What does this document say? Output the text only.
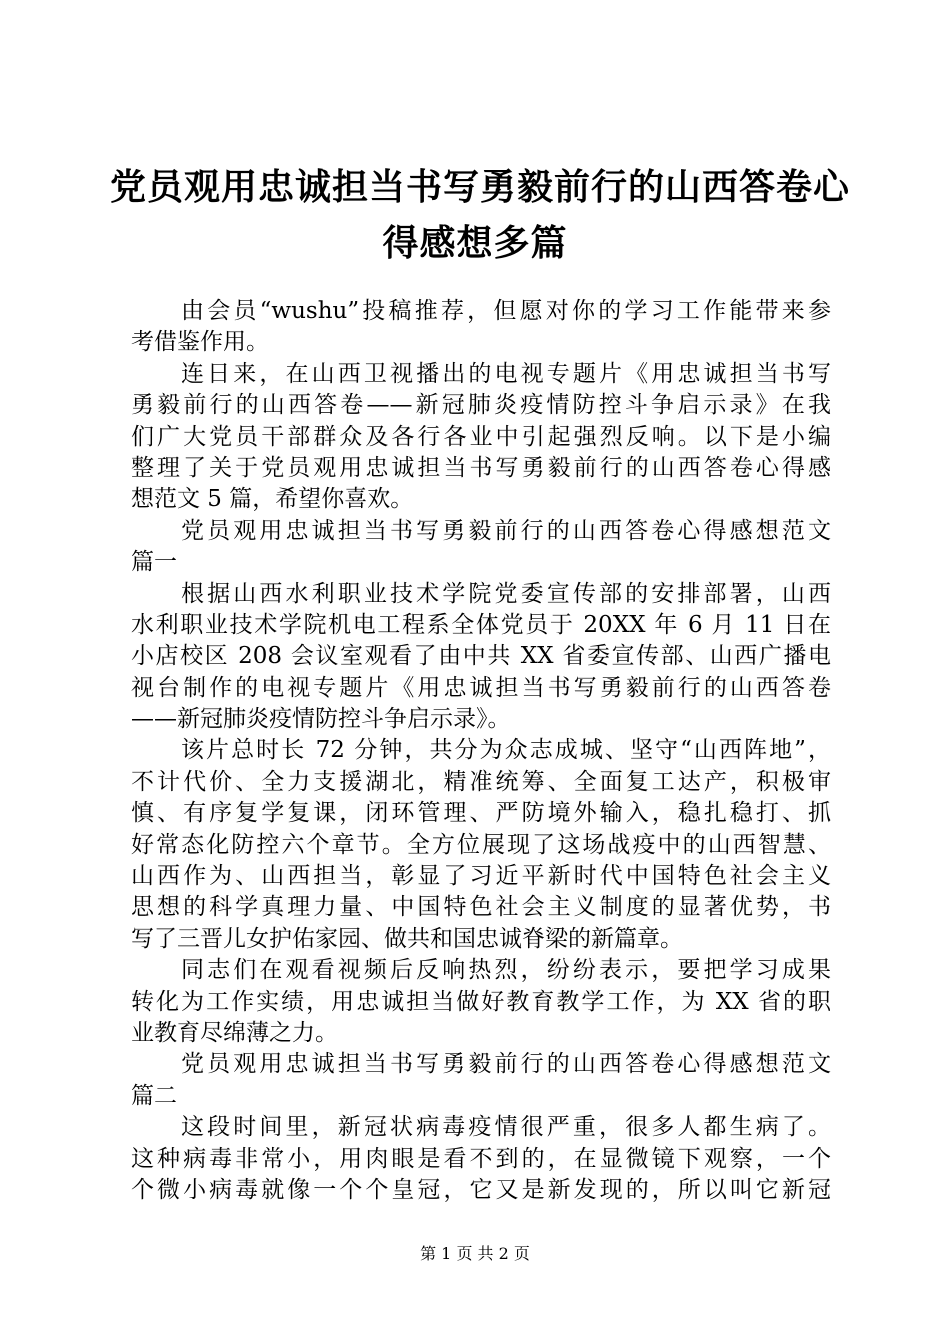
党员观用忠诚担当书写勇毅前行的山西答卷心
得感想多篇
由会员“wushu”投稿推荐，但愿对你的学习工作能带来参
考借鉴作用。
连日来，在山西卫视播出的电视专题片《用忠诚担当书写
勇毅前行的山西答卷——新冠肺炎疫情防控斗争启示录》在我
们广大党员干部群众及各行各业中引起强烈反响。以下是小编
整理了关于党员观用忠诚担当书写勇毅前行的山西答卷心得感
想范文 5 篇，希望你喜欢。
党员观用忠诚担当书写勇毅前行的山西答卷心得感想范文
篇一
根据山西水利职业技术学院党委宣传部的安排部署，山西
水利职业技术学院机电工程系全体党员于 20XX 年 6 月 11 日在
小店校区 208 会议室观看了由中共 XX 省委宣传部、山西广播电
视台制作的电视专题片《用忠诚担当书写勇毅前行的山西答卷
——新冠肺炎疫情防控斗争启示录》。
该片总时长 72 分钟，共分为众志成城、坚守“山西阵地”，
不计代价、全力支援湖北，精准统筹、全面复工达产，积极审
慎、有序复学复课，闭环管理、严防境外输入，稳扎稳打、抓
好常态化防控六个章节。全方位展现了这场战疫中的山西智慧、
山西作为、山西担当，彰显了习近平新时代中国特色社会主义
思想的科学真理力量、中国特色社会主义制度的显著优势，书
写了三晋儿女护佑家园、做共和国忠诚脊梁的新篇章。
同志们在观看视频后反响热烈，纷纷表示，要把学习成果
转化为工作实绩，用忠诚担当做好教育教学工作，为 XX 省的职
业教育尽绵薄之力。
党员观用忠诚担当书写勇毅前行的山西答卷心得感想范文
篇二
这段时间里，新冠状病毒疫情很严重，很多人都生病了。
这种病毒非常小，用肉眼是看不到的，在显微镜下观察，一个
个微小病毒就像一个个皇冠，它又是新发现的，所以叫它新冠
第 1 页 共 2 页
